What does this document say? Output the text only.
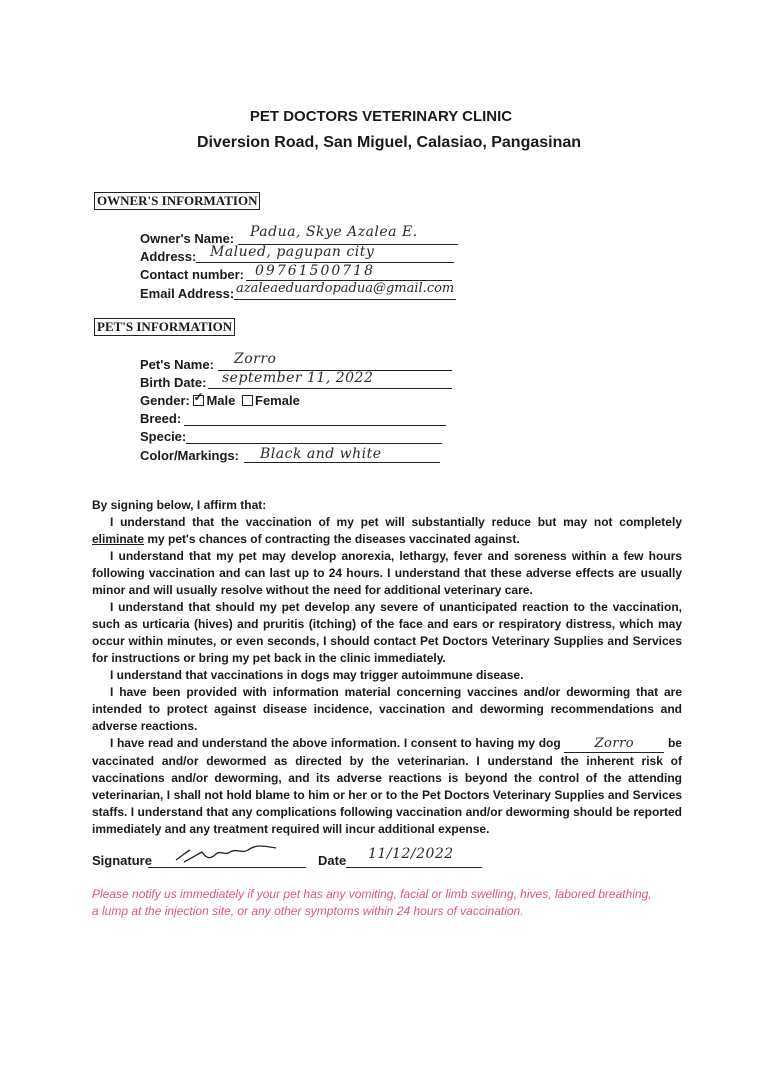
PET DOCTORS VETERINARY CLINIC
Diversion Road, San Miguel, Calasiao, Pangasinan
OWNER'S INFORMATION
Owner's Name: Padua, Skye Azalea E.
Address: Malued, pagupan city
Contact number: 09761500718
Email Address: azaleaeduardopadua@gmail.com
PET'S INFORMATION
Pet's Name: Zorro
Birth Date: september 11, 2022
Gender: ✓ Male Female
Breed:
Specie:
Color/Markings: Black and white

By signing below, I affirm that:

I understand that the vaccination of my pet will substantially reduce but may not completely eliminate my pet's chances of contracting the diseases vaccinated against.

I understand that my pet may develop anorexia, lethargy, fever and soreness within a few hours following vaccination and can last up to 24 hours. I understand that these adverse effects are usually minor and will usually resolve without the need for additional veterinary care.

I understand that should my pet develop any severe of unanticipated reaction to the vaccination, such as urticaria (hives) and pruritis (itching) of the face and ears or respiratory distress, which may occur within minutes, or even seconds, I should contact Pet Doctors Veterinary Supplies and Services for instructions or bring my pet back in the clinic immediately.

I understand that vaccinations in dogs may trigger autoimmune disease.

I have been provided with information material concerning vaccines and/or deworming that are intended to protect against disease incidence, vaccination and deworming recommendations and adverse reactions.

I have read and understand the above information. I consent to having my dog	Zorro	be vaccinated and/or dewormed as directed by the veterinarian. I understand the inherent risk of vaccinations and/or deworming, and its adverse reactions is beyond the control of the attending veterinarian, I shall not hold blame to him or her or to the Pet Doctors Veterinary Supplies and Services staffs. I understand that any complications following vaccination and/or deworming should be reported immediately and any treatment required will incur additional expense.

Signature	Date 11/12/2022
Please notify us immediately if your pet has any vomiting, facial or limb swelling, hives, labored breathing, a lump at the injection site, or any other symptoms within 24 hours of vaccination.
